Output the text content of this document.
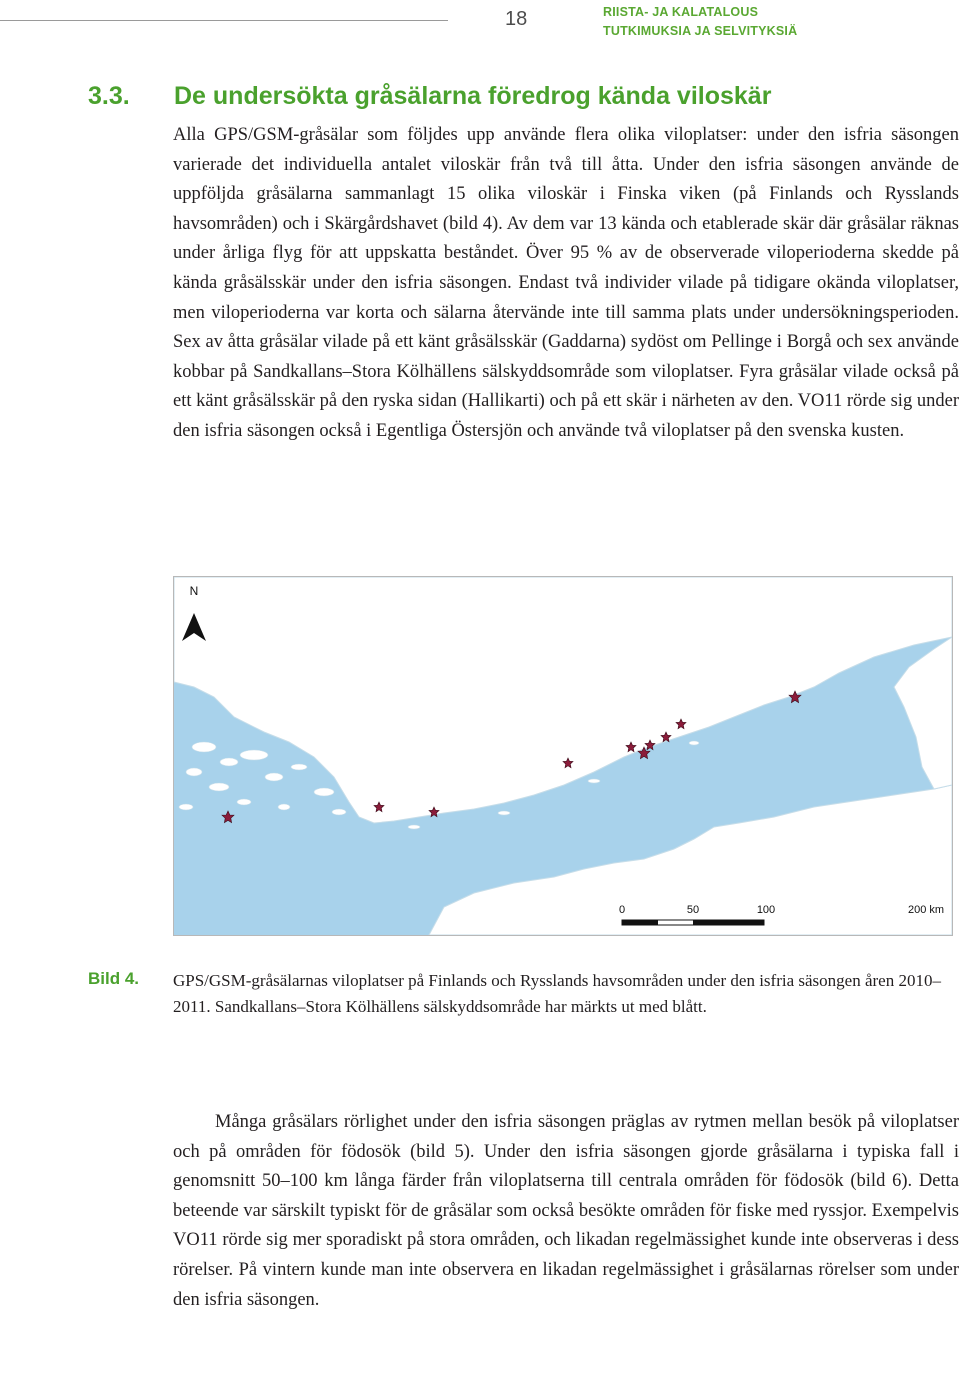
18	RIISTA- JA KALATALOUS
TUTKIMUKSIA JA SELVITYKSIÄ
3.3. De undersökta gråsälarna föredrog kända viloskär

Alla GPS/GSM-gråsälar som följdes upp använde flera olika viloplatser: under den isfria säsongen varierade det individuella antalet viloskär från två till åtta. Under den isfria säsongen använde de uppföljda gråsälarna sammanlagt 15 olika viloskär i Finska viken (på Finlands och Rysslands havsområden) och i Skärgårdshavet (bild 4). Av dem var 13 kända och etablerade skär där gråsälar räknas under årliga flyg för att uppskatta beståndet. Över 95 % av de observerade viloperioderna skedde på kända gråsälsskär under den isfria säsongen. Endast två individer vilade på tidigare okända viloplatser, men viloperioderna var korta och sälarna återvände inte till samma plats under undersökningsperioden. Sex av åtta gråsälar vilade på ett känt gråsälsskär (Gaddarna) sydöst om Pellinge i Borgå och sex använde kobbar på Sandkallans–Stora Kölhällens sälskyddsområde som viloplatser. Fyra gråsälar vilade också på ett känt gråsälsskär på den ryska sidan (Hallikarti) och på ett skär i närheten av den. VO11 rörde sig under den isfria säsongen också i Egentliga Östersjön och använde två viloplatser på den svenska kusten.

N
0	50	100	200 km
Bild 4. GPS/GSM-gråsälarnas viloplatser på Finlands och Rysslands havsområden under den isfria säsongen åren 2010–2011. Sandkallans–Stora Kölhällens sälskyddsområde har märkts ut med blått.

Många gråsälars rörlighet under den isfria säsongen präglas av rytmen mellan besök på viloplatser och på områden för födosök (bild 5). Under den isfria säsongen gjorde gråsälarna i typiska fall i genomsnitt 50–100 km långa färder från viloplatserna till centrala områden för födosök (bild 6). Detta beteende var särskilt typiskt för de gråsälar som också besökte områden för fiske med ryssjor. Exempelvis VO11 rörde sig mer sporadiskt på stora områden, och likadan regelmässighet kunde inte observeras i dess rörelser. På vintern kunde man inte observera en likadan regelmässighet i gråsälarnas rörelser som under den isfria säsongen.
